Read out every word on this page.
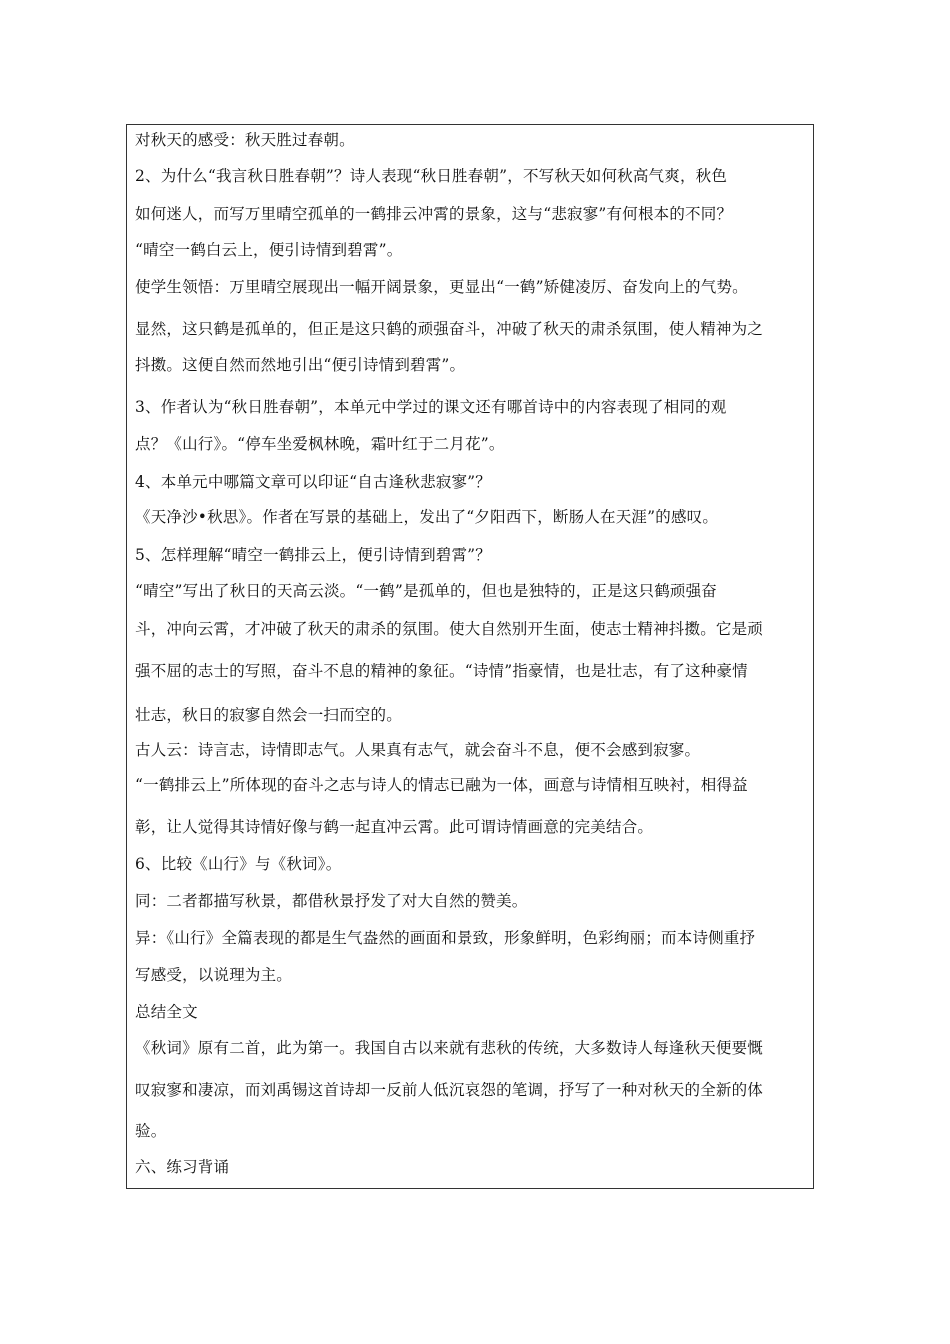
对秋天的感受：秋天胜过春朝。
2、为什么“我言秋日胜春朝”？诗人表现“秋日胜春朝”，不写秋天如何秋高气爽，秋色
如何迷人，而写万里晴空孤单的一鹤排云冲霄的景象，这与“悲寂寥”有何根本的不同？
“晴空一鹤白云上，便引诗情到碧霄”。
使学生领悟：万里晴空展现出一幅开阔景象，更显出“一鹤”矫健凌厉、奋发向上的气势。
显然，这只鹤是孤单的，但正是这只鹤的顽强奋斗，冲破了秋天的肃杀氛围，使人精神为之
抖擞。这便自然而然地引出“便引诗情到碧霄”。
3、作者认为“秋日胜春朝”，本单元中学过的课文还有哪首诗中的内容表现了相同的观
点？《山行》。“停车坐爱枫林晚，霜叶红于二月花”。
4、本单元中哪篇文章可以印证“自古逢秋悲寂寥”？
《天净沙•秋思》。作者在写景的基础上，发出了“夕阳西下，断肠人在天涯”的感叹。
5、怎样理解“晴空一鹤排云上，便引诗情到碧霄”？
“晴空”写出了秋日的天高云淡。“一鹤”是孤单的，但也是独特的，正是这只鹤顽强奋
斗，冲向云霄，才冲破了秋天的肃杀的氛围。使大自然别开生面，使志士精神抖擞。它是顽
强不屈的志士的写照，奋斗不息的精神的象征。“诗情”指豪情，也是壮志，有了这种豪情
壮志，秋日的寂寥自然会一扫而空的。
古人云：诗言志，诗情即志气。人果真有志气，就会奋斗不息，便不会感到寂寥。
“一鹤排云上”所体现的奋斗之志与诗人的情志已融为一体，画意与诗情相互映衬，相得益
彰，让人觉得其诗情好像与鹤一起直冲云霄。此可谓诗情画意的完美结合。
6、比较《山行》与《秋词》。
同：二者都描写秋景，都借秋景抒发了对大自然的赞美。
异：《山行》全篇表现的都是生气盎然的画面和景致，形象鲜明，色彩绚丽；而本诗侧重抒
写感受，以说理为主。
总结全文
《秋词》原有二首，此为第一。我国自古以来就有悲秋的传统，大多数诗人每逢秋天便要慨
叹寂寥和凄凉，而刘禹锡这首诗却一反前人低沉哀怨的笔调，抒写了一种对秋天的全新的体
验。
六、练习背诵
